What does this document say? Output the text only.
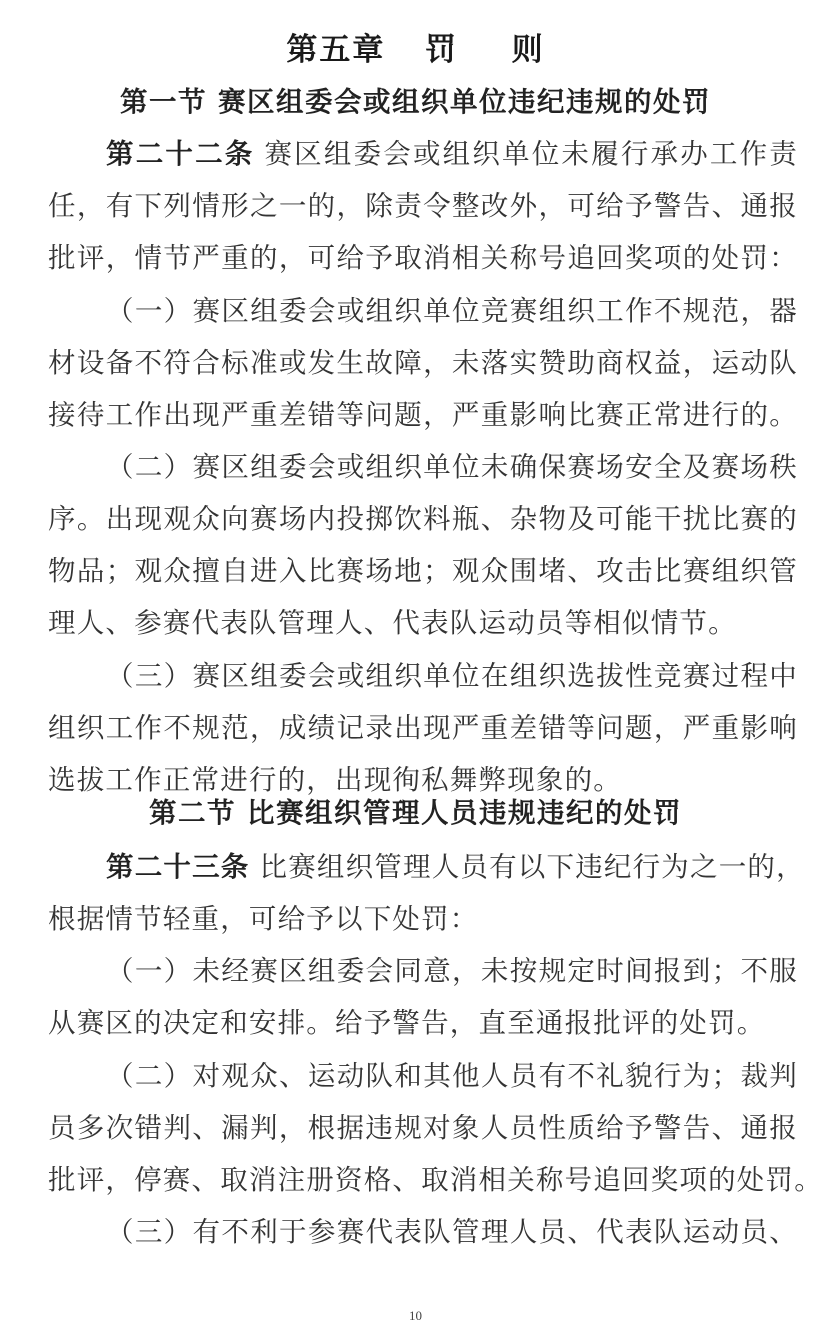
第五章 罚 则
第一节 赛区组委会或组织单位违纪违规的处罚
第二十二条 赛区组委会或组织单位未履行承办工作责
任，有下列情形之一的，除责令整改外，可给予警告、通报
批评，情节严重的，可给予取消相关称号追回奖项的处罚：
（一）赛区组委会或组织单位竞赛组织工作不规范，器
材设备不符合标准或发生故障，未落实赞助商权益，运动队
接待工作出现严重差错等问题，严重影响比赛正常进行的。
（二）赛区组委会或组织单位未确保赛场安全及赛场秩
序。出现观众向赛场内投掷饮料瓶、杂物及可能干扰比赛的
物品；观众擅自进入比赛场地；观众围堵、攻击比赛组织管
理人、参赛代表队管理人、代表队运动员等相似情节。
（三）赛区组委会或组织单位在组织选拔性竞赛过程中
组织工作不规范，成绩记录出现严重差错等问题，严重影响
选拔工作正常进行的，出现徇私舞弊现象的。
第二节 比赛组织管理人员违规违纪的处罚
第二十三条 比赛组织管理人员有以下违纪行为之一的，
根据情节轻重，可给予以下处罚：
（一）未经赛区组委会同意，未按规定时间报到；不服
从赛区的决定和安排。给予警告，直至通报批评的处罚。
（二）对观众、运动队和其他人员有不礼貌行为；裁判
员多次错判、漏判，根据违规对象人员性质给予警告、通报
批评，停赛、取消注册资格、取消相关称号追回奖项的处罚。
（三）有不利于参赛代表队管理人员、代表队运动员、
10
